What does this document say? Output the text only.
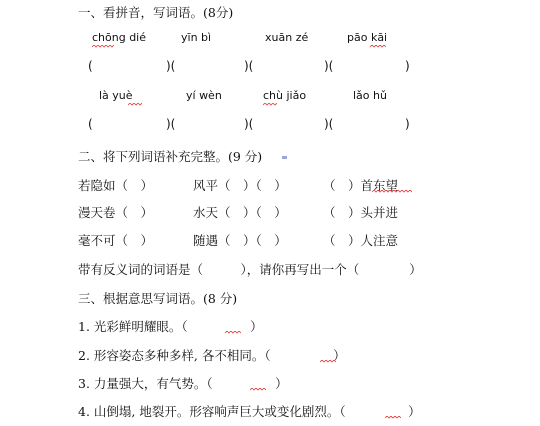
一、看拼音，写词语。(8分)
chōng dié	yīn bì	xuān zé	pāo kāi
(	)(	)(	)(	)
là yuè	yí wèn	chù jiǎo	lǎo hǔ
(	)(	)(	)(	)
二、将下列词语补充完整。(9 分)
若隐如（　）	风平（　）（　）	（　）首东望
漫天卷（　）	水天（　）（　）	（　）头并进
毫不可（　）	随遇（　）（　）	（　）人注意
带有反义词的词语是（　　　），请你再写出一个（　　　　）
三、根据意思写词语。(8 分)
1. 光彩鲜明耀眼。（　　　　　）
2. 形容姿态多种多样, 各不相同。（　　　　　）
3. 力量强大，有气势。（　　　　　）
4. 山倒塌, 地裂开。形容响声巨大或变化剧烈。（　　　　　）
